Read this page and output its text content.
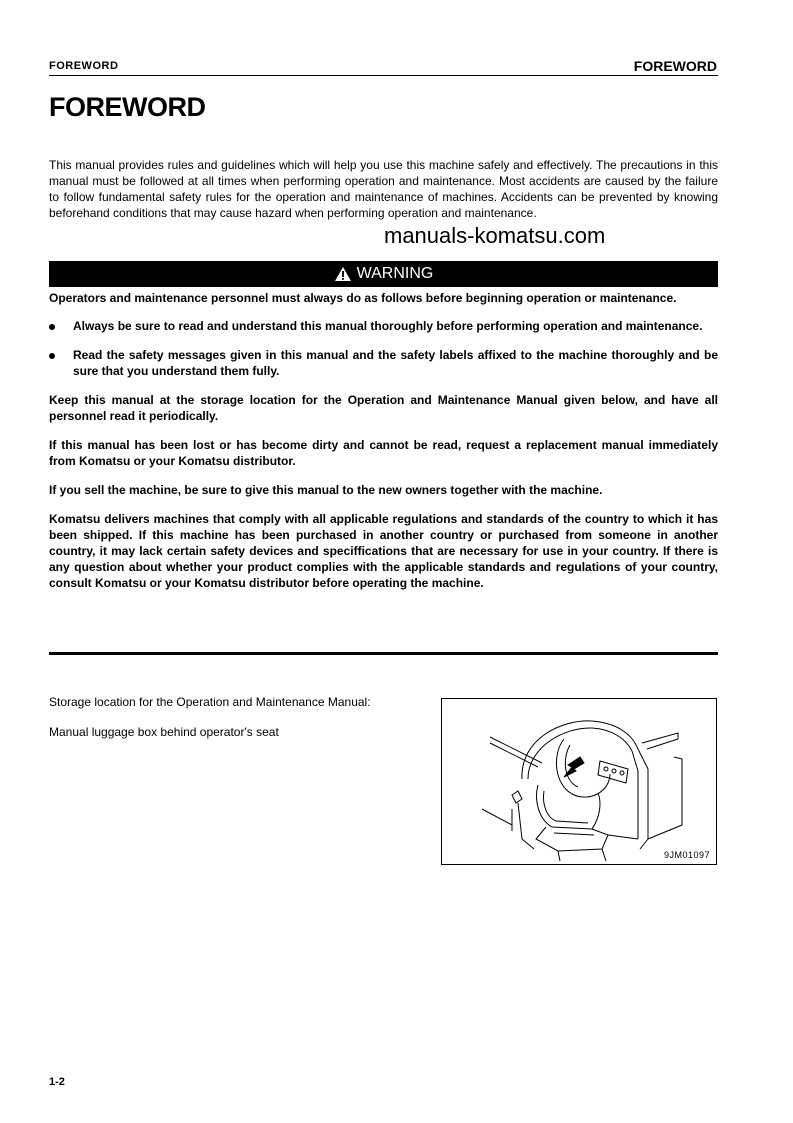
FOREWORD	FOREWORD
FOREWORD
This manual provides rules and guidelines which will help you use this machine safely and effectively. The precautions in this manual must be followed at all times when performing operation and maintenance. Most accidents are caused by the failure to follow fundamental safety rules for the operation and maintenance of machines. Accidents can be prevented by knowing beforehand conditions that may cause hazard when performing operation and maintenance.
manuals-komatsu.com
WARNING

Operators and maintenance personnel must always do as follows before beginning operation or maintenance.

Always be sure to read and understand this manual thoroughly before performing operation and maintenance.
Read the safety messages given in this manual and the safety labels affixed to the machine thoroughly and be sure that you understand them fully.

Keep this manual at the storage location for the Operation and Maintenance Manual given below, and have all personnel read it periodically.

If this manual has been lost or has become dirty and cannot be read, request a replacement manual immediately from Komatsu or your Komatsu distributor.

If you sell the machine, be sure to give this manual to the new owners together with the machine.

Komatsu delivers machines that comply with all applicable regulations and standards of the country to which it has been shipped. If this machine has been purchased in another country or purchased from someone in another country, it may lack certain safety devices and speciffications that are necessary for use in your country. If there is any question about whether your product complies with the applicable standards and regulations of your country, consult Komatsu or your Komatsu distributor before operating the machine.

Storage location for the Operation and Maintenance Manual:
Manual luggage box behind operator's seat
9JM01097
1-2
